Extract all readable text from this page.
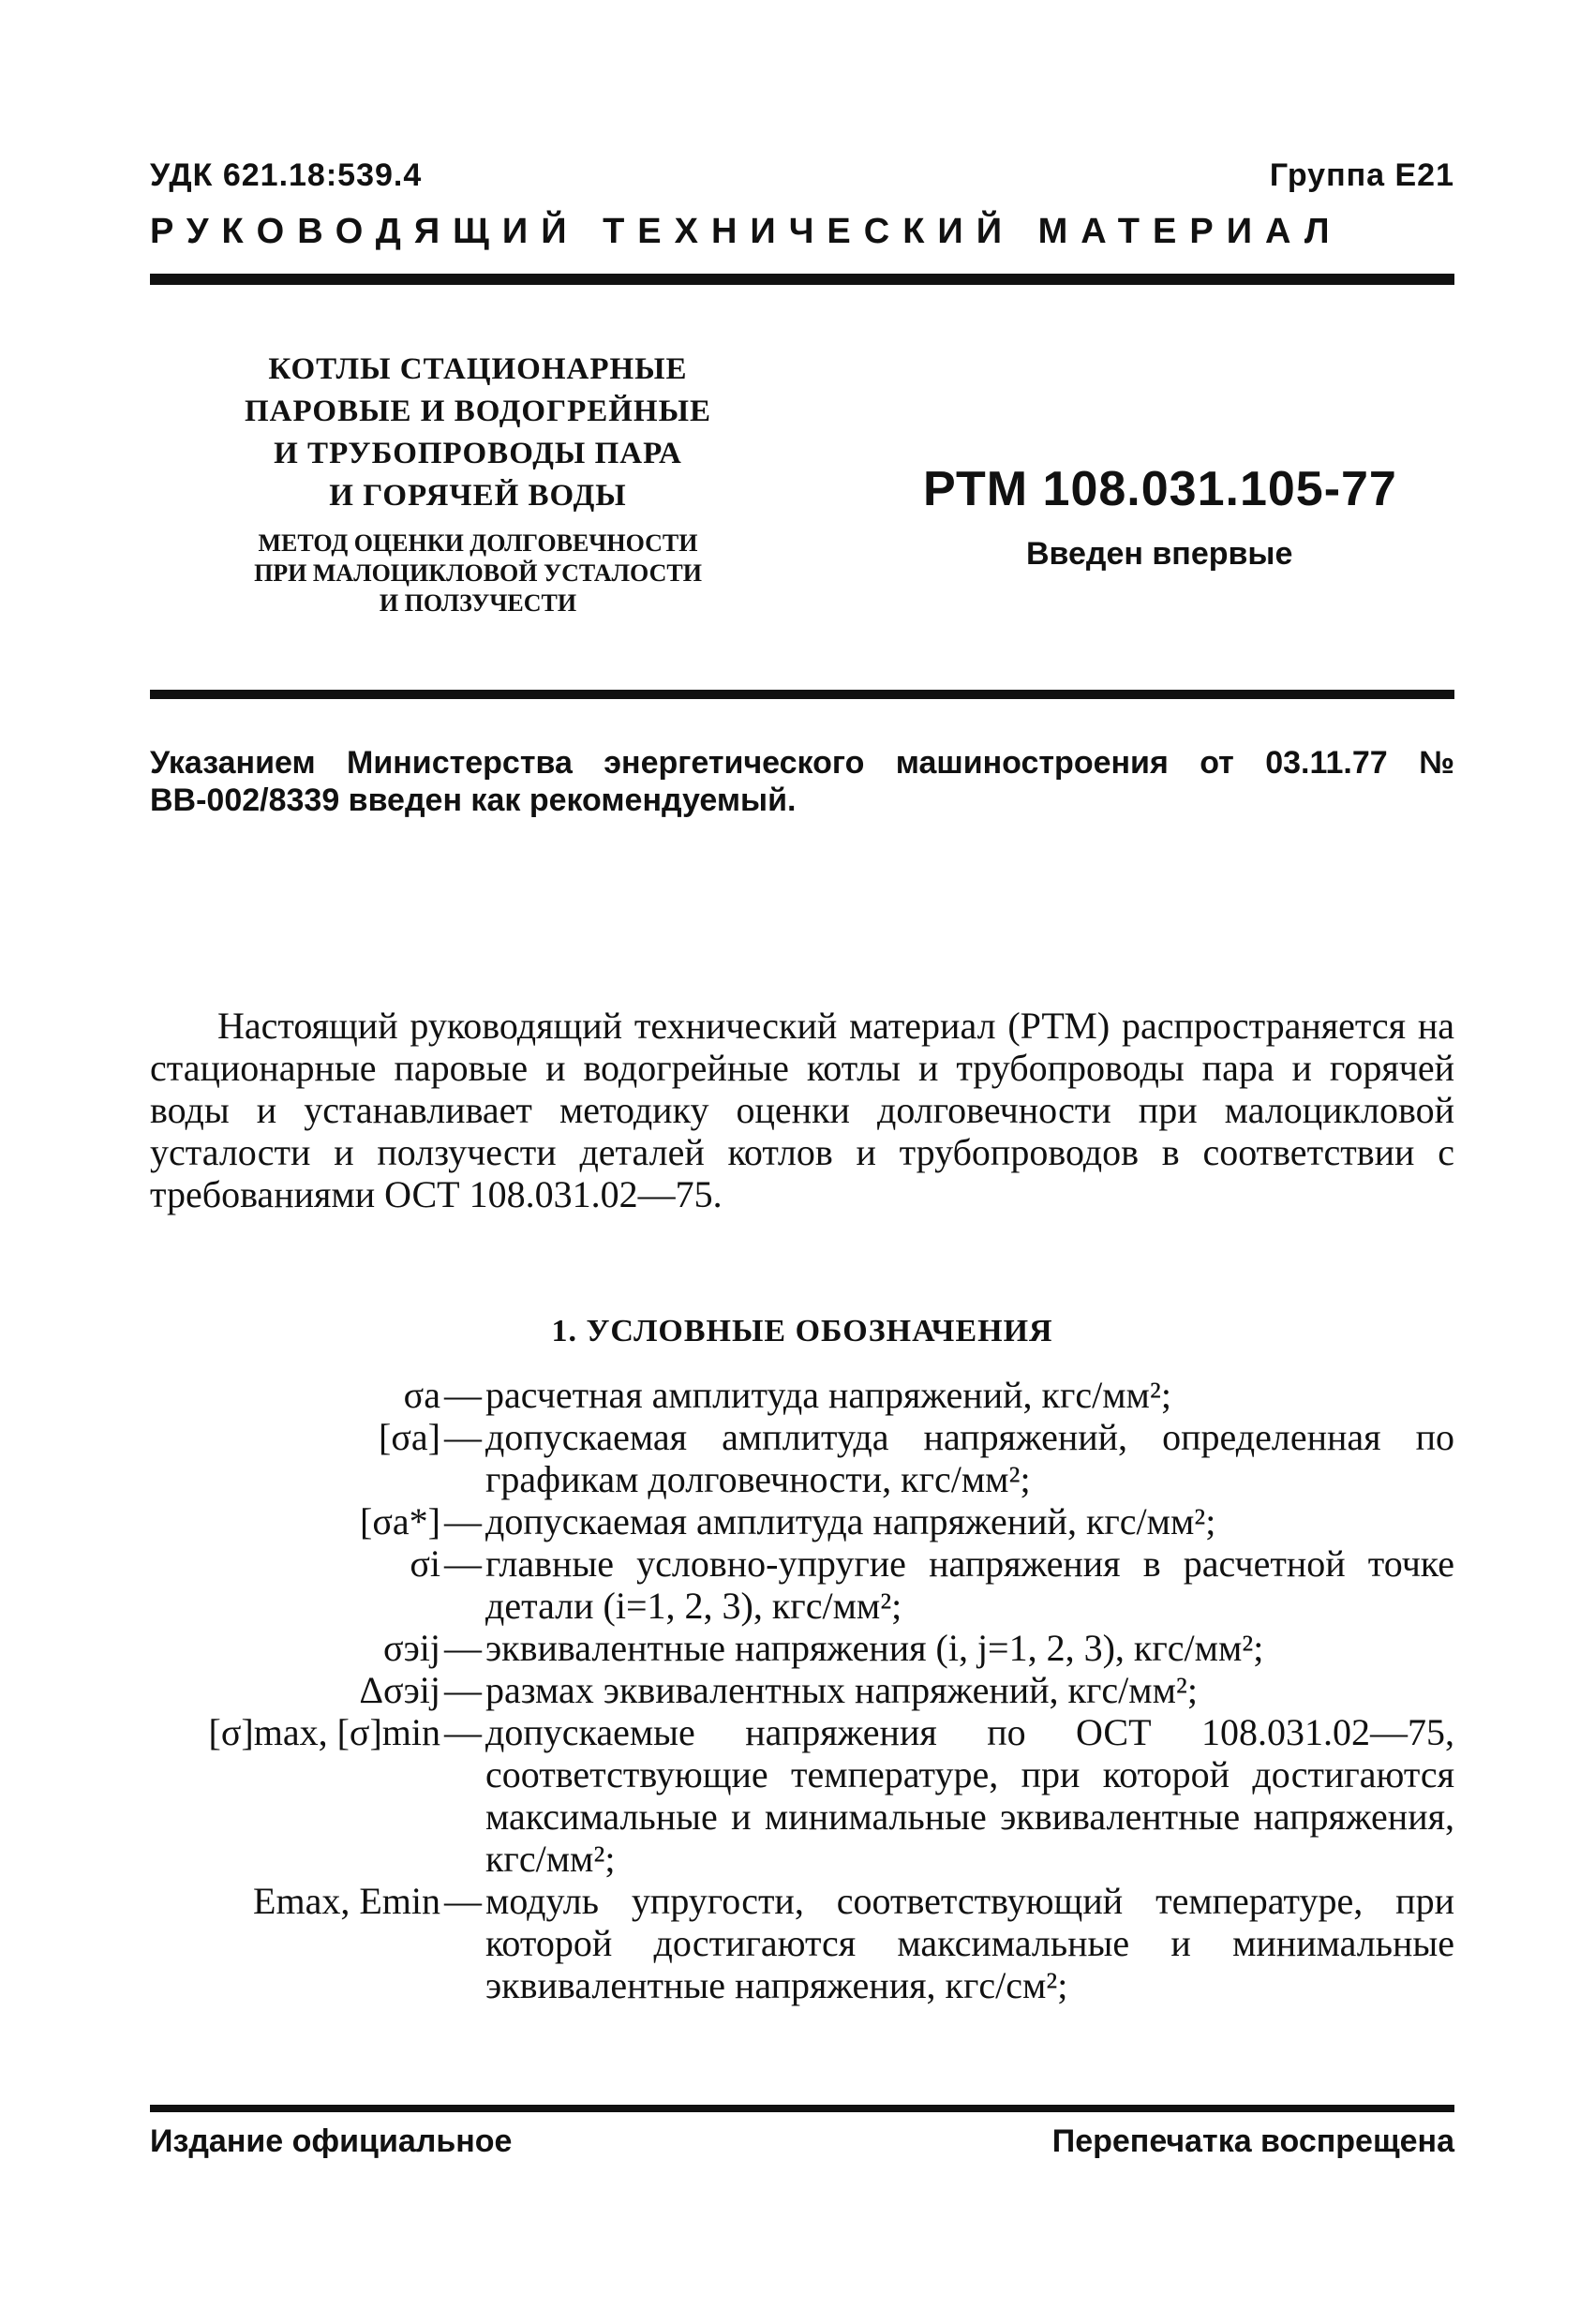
УДК 621.18:539.4	Группа E21
РУКОВОДЯЩИЙ ТЕХНИЧЕСКИЙ МАТЕРИАЛ
КОТЛЫ СТАЦИОНАРНЫЕ
ПАРОВЫЕ И ВОДОГРЕЙНЫЕ
И ТРУБОПРОВОДЫ ПАРА
И ГОРЯЧЕЙ ВОДЫ
МЕТОД ОЦЕНКИ ДОЛГОВЕЧНОСТИ
ПРИ МАЛОЦИКЛОВОЙ УСТАЛОСТИ
И ПОЛЗУЧЕСТИ
РТМ 108.031.105-77
Введен впервые
Указанием Министерства энергетического машиностроения от 03.11.77 № ВВ-002/8339 введен как рекомендуемый.
Настоящий руководящий технический материал (РТМ) распространяется на стационарные паровые и водогрейные котлы и трубопроводы пара и горячей воды и устанавливает методику оценки долговечности при малоцикловой усталости и ползучести деталей котлов и трубопроводов в соответствии с требованиями ОСТ 108.031.02—75.
1. УСЛОВНЫЕ ОБОЗНАЧЕНИЯ
σa — расчетная амплитуда напряжений, кгс/мм²;
[σa] — допускаемая амплитуда напряжений, определенная по графикам долговечности, кгс/мм²;
[σa*] — допускаемая амплитуда напряжений, кгс/мм²;
σi — главные условно-упругие напряжения в расчетной точке детали (i=1, 2, 3), кгс/мм²;
σэij — эквивалентные напряжения (i, j=1, 2, 3), кгс/мм²;
Δσэij — размах эквивалентных напряжений, кгс/мм²;
[σ]max, [σ]min — допускаемые напряжения по ОСТ 108.031.02—75, соответствующие температуре, при которой достигаются максимальные и минимальные эквивалентные напряжения, кгс/мм²;
Emax, Emin — модуль упругости, соответствующий температуре, при которой достигаются максимальные и минимальные эквивалентные напряжения, кгс/см²;
Издание официальное	Перепечатка воспрещена
